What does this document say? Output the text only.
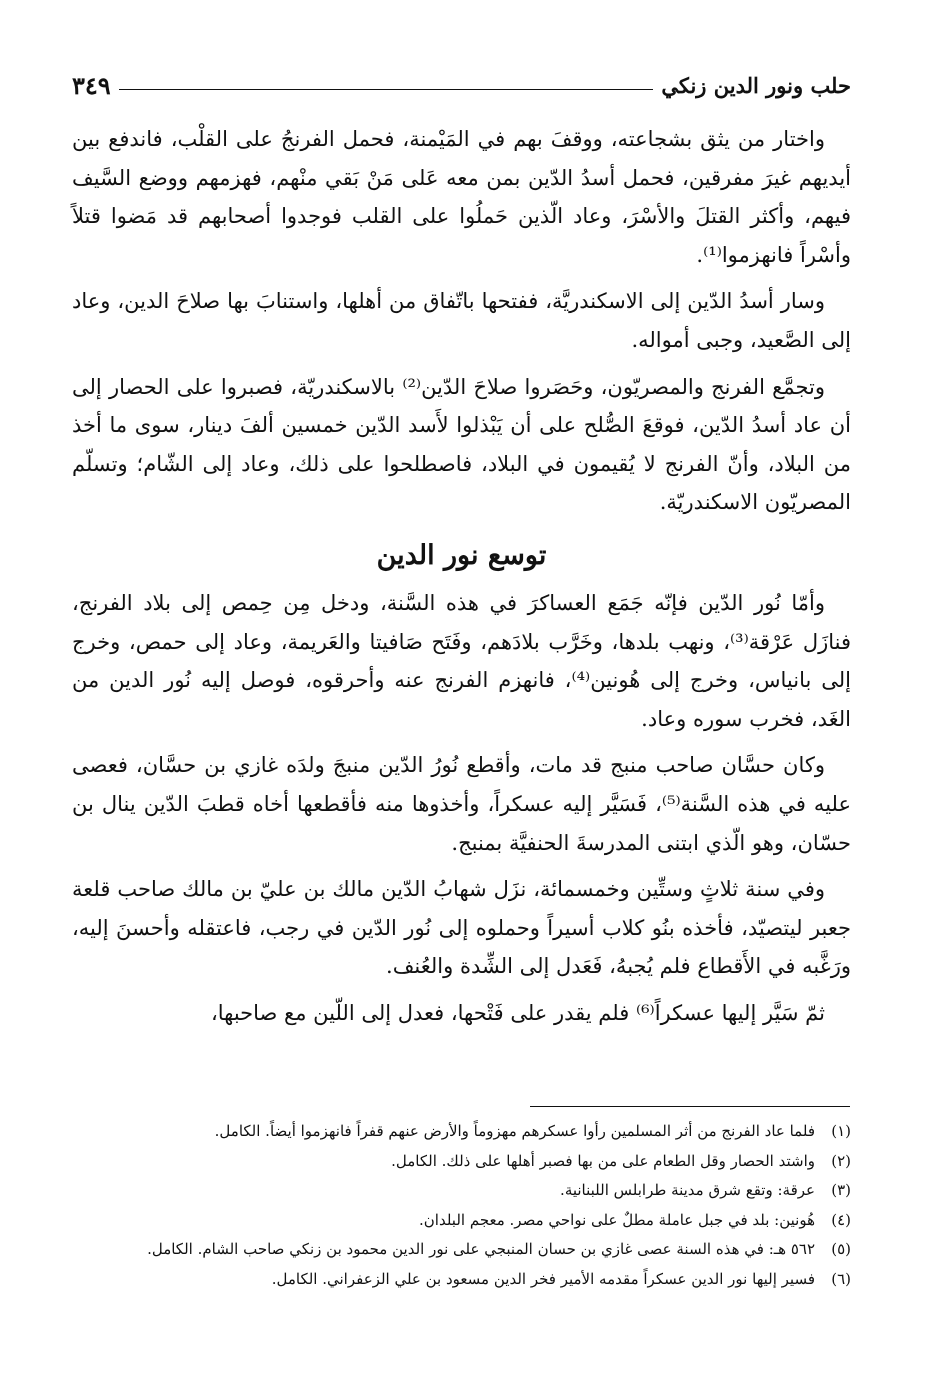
حلب ونور الدين زنكي
٣٤٩

واختار من يثق بشجاعته، ووقفَ بهم في المَيْمنة، فحمل الفرنجُ على القلْب، فاندفع بين أيديهم غيرَ مفرقين، فحمل أسدُ الدّين بمن معه عَلى مَنْ بَقي منْهم، فهزمهم ووضع السَّيف فيهم، وأكثر القتلَ والأسْرَ، وعاد الّذين حَملُوا على القلب فوجدوا أصحابهم قد مَضوا قتلاً وأسْراً فانهزموا⁽¹⁾.

وسار أسدُ الدّين إلى الاسكندريَّة، ففتحها باتّفاق من أهلها، واستنابَ بها صلاحَ الدين، وعاد إلى الصَّعيد، وجبى أمواله.

وتجمَّع الفرنج والمصريّون، وحَصَروا صلاحَ الدّين⁽²⁾ بالاسكندريّة، فصبروا على الحصار إلى أن عاد أسدُ الدّين، فوقعَ الصُّلح على أن يَبْذلوا لأَسد الدّين خمسين ألفَ دينار، سوى ما أخذ من البلاد، وأنّ الفرنج لا يُقيمون في البلاد، فاصطلحوا على ذلك، وعاد إلى الشّام؛ وتسلّم المصريّون الاسكندريّة.

توسع نور الدين

وأمّا نُور الدّين فإنّه جَمَع العساكرَ في هذه السَّنة، ودخل مِن حِمص إلى بلاد الفرنج، فنازَل عَرْقة⁽³⁾، ونهب بلدها، وخَرَّب بلادَهم، وفَتَح صَافيتا والعَريمة، وعاد إلى حمص، وخرج إلى بانياس، وخرج إلى هُونين⁽⁴⁾، فانهزم الفرنج عنه وأحرقوه، فوصل إليه نُور الدين من الغَد، فخرب سوره وعاد.

وكان حسَّان صاحب منبج قد مات، وأقطع نُورُ الدّين منبجَ ولدَه غازي بن حسَّان، فعصى عليه في هذه السَّنة⁽⁵⁾، فَسَيَّر إليه عسكراً، وأخذوها منه فأقطعها أخاه قطبَ الدّين ينال بن حسّان، وهو الّذي ابتنى المدرسةَ الحنفيَّة بمنبج.

وفي سنة ثلاثٍ وستِّين وخمسمائة، نزَل شهابُ الدّين مالك بن عليّ بن مالك صاحب قلعة جعبر ليتصيّد، فأخذه بنُو كلاب أسيراً وحملوه إلى نُور الدّين في رجب، فاعتقله وأحسنَ إليه، ورَغَّبه في الأَقطاع فلم يُجبهُ، فَعَدل إلى الشِّدة والعُنف.

ثمّ سَيَّر إليها عسكراً⁽⁶⁾ فلم يقدر على فَتْحها، فعدل إلى اللّين مع صاحبها،

(١)
فلما عاد الفرنج من أثر المسلمين رأوا عسكرهم مهزوماً والأرض عنهم قفراً فانهزموا أيضاً. الكامل.
(٢)
واشتد الحصار وقل الطعام على من بها فصبر أهلها على ذلك. الكامل.
(٣)
عرقة: وتقع شرق مدينة طرابلس اللبنانية.
(٤)
هُونين: بلد في جبل عاملة مطلٌ على نواحي مصر. معجم البلدان.
(٥)
٥٦٢ هـ: في هذه السنة عصى غازي بن حسان المنبجي على نور الدين محمود بن زنكي صاحب الشام. الكامل.
(٦)
فسير إليها نور الدين عسكراً مقدمه الأمير فخر الدين مسعود بن علي الزعفراني. الكامل.
